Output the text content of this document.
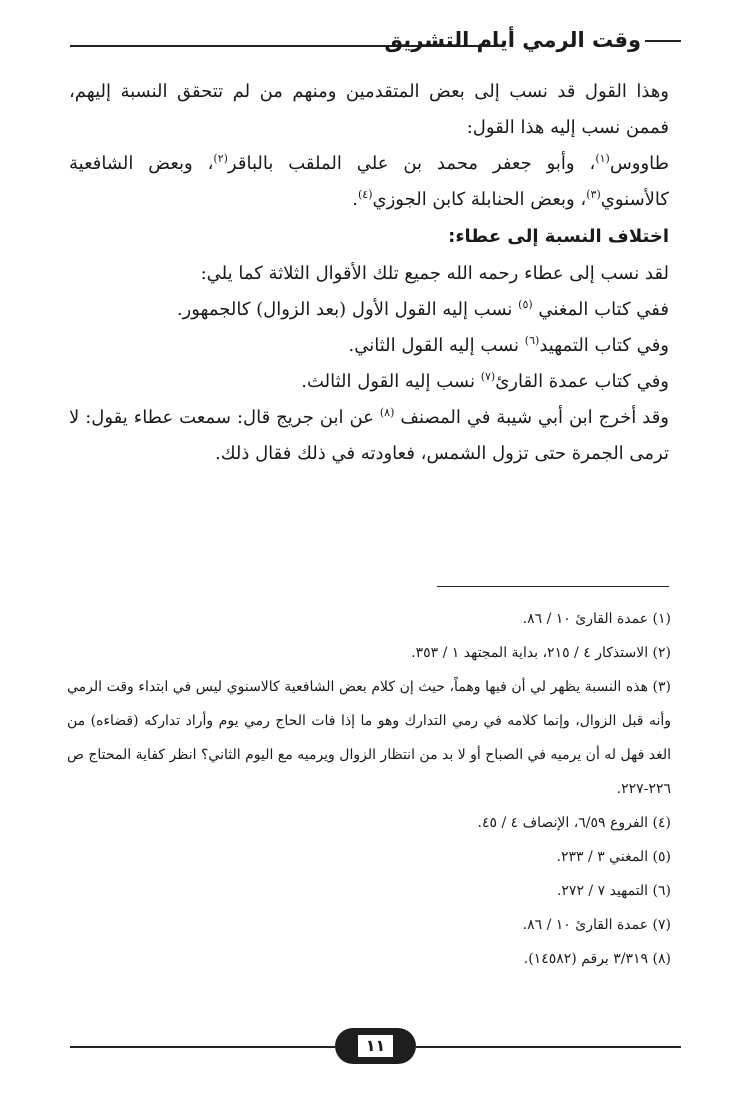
وقت الرمي أيام التشريق

وهذا القول قد نسب إلى بعض المتقدمين ومنهم من لم تتحقق النسبة إليهم، فممن نسب إليه هذا القول:

طاووس$^{(١)}$، وأبو جعفر محمد بن علي الملقب بالباقر$^{(٢)}$، وبعض الشافعية كالأسنوي$^{(٣)}$، وبعض الحنابلة كابن الجوزي$^{(٤)}$.

اختلاف النسبة إلى عطاء:

لقد نسب إلى عطاء رحمه الله جميع تلك الأقوال الثلاثة كما يلي:

ففي كتاب المغني $^{(٥)}$ نسب إليه القول الأول (بعد الزوال) كالجمهور.

وفي كتاب التمهيد$^{(٦)}$ نسب إليه القول الثاني.

وفي كتاب عمدة القارئ$^{(٧)}$ نسب إليه القول الثالث.

وقد أخرج ابن أبي شيبة في المصنف $^{(٨)}$ عن ابن جريج قال: سمعت عطاء يقول: لا ترمى الجمرة حتى تزول الشمس، فعاودته في ذلك فقال ذلك.

(١) عمدة القارئ ١٠ / ٨٦.

(٢) الاستذكار ٤ / ٢١٥، بداية المجتهد ١ / ٣٥٣.

(٣) هذه النسبة يظهر لي أن فيها وهماً، حيث إن كلام بعض الشافعية كالاسنوي ليس في ابتداء وقت الرمي وأنه قبل الزوال، وإنما كلامه في رمي التدارك وهو ما إذا فات الحاج رمي يوم وأراد تداركه (قضاءه) من الغد فهل له أن يرميه في الصباح أو لا بد من انتظار الزوال ويرميه مع اليوم الثاني؟ انظر كفاية المحتاج ص ٢٢٦-٢٢٧.

(٤) الفروع ٦/٥٩، الإنصاف ٤ / ٤٥.

(٥) المغني ٣ / ٢٣٣.

(٦) التمهيد ٧ / ٢٧٢.

(٧) عمدة القارئ ١٠ / ٨٦.

(٨) ٣/٣١٩ برقم (١٤٥٨٢).

١١
